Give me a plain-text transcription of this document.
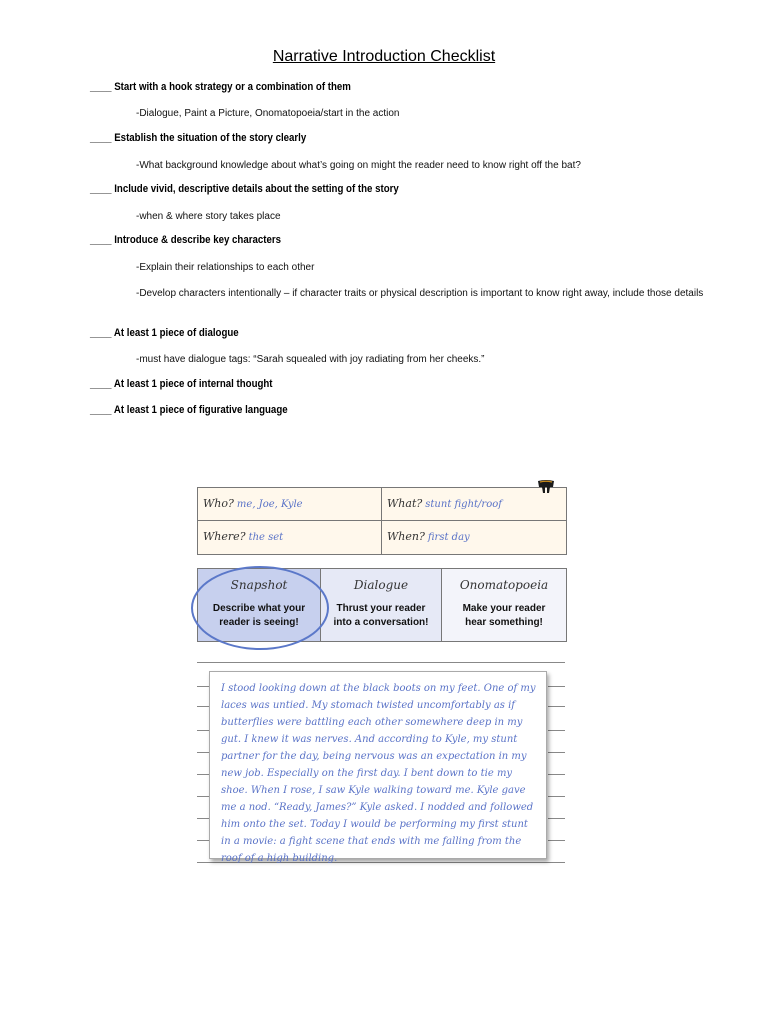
Narrative Introduction Checklist
____ Start with a hook strategy or a combination of them
-Dialogue, Paint a Picture, Onomatopoeia/start in the action
____ Establish the situation of the story clearly
-What background knowledge about what’s going on might the reader need to know right off the bat?
____ Include vivid, descriptive details about the setting of the story
-when & where story takes place
____ Introduce & describe key characters
-Explain their relationships to each other
-Develop characters intentionally – if character traits or physical description is important to know right away, include those details
____ At least 1 piece of dialogue
-must have dialogue tags: “Sarah squealed with joy radiating from her cheeks.”
____ At least 1 piece of internal thought
____ At least 1 piece of figurative language
Who? me, Joe, Kyle	What? stunt fight/roof
Where? the set	When? first day
Snapshot
Describe what your reader is seeing!
Dialogue
Thrust your reader into a conversation!
Onomatopoeia
Make your reader hear something!

I stood looking down at the black boots on my feet. One of my laces was untied. My stomach twisted uncomfortably as if butterflies were battling each other somewhere deep in my gut. I knew it was nerves. And according to Kyle, my stunt partner for the day, being nervous was an expectation in my new job. Especially on the first day. I bent down to tie my shoe. When I rose, I saw Kyle walking toward me. Kyle gave me a nod. “Ready, James?” Kyle asked. I nodded and followed him onto the set. Today I would be performing my first stunt in a movie: a fight scene that ends with me falling from the roof of a high building.
